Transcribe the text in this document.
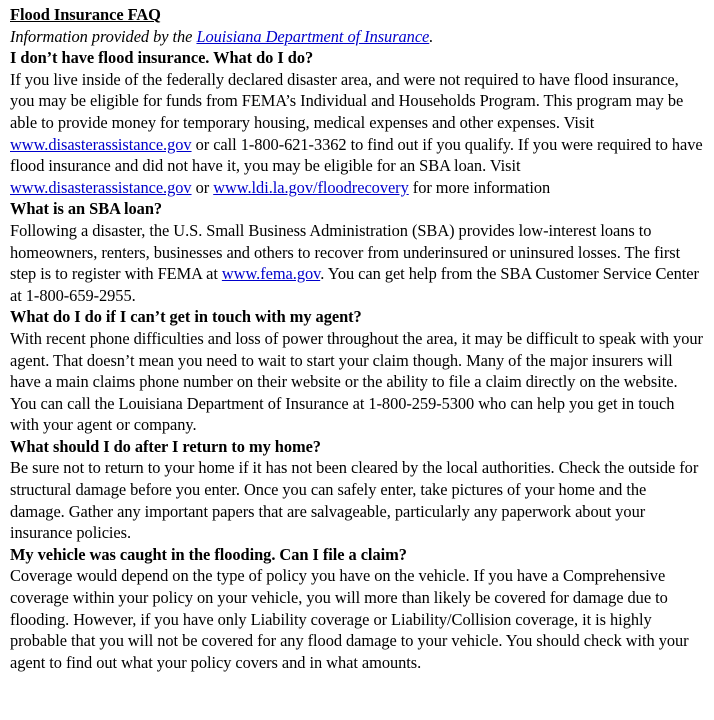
Flood Insurance FAQ
Information provided by the Louisiana Department of Insurance.
I don’t have flood insurance. What do I do?
If you live inside of the federally declared disaster area, and were not required to have flood insurance, you may be eligible for funds from FEMA’s Individual and Households Program. This program may be able to provide money for temporary housing, medical expenses and other expenses. Visit www.disasterassistance.gov or call 1-800-621-3362 to find out if you qualify. If you were required to have flood insurance and did not have it, you may be eligible for an SBA loan. Visit www.disasterassistance.gov or www.ldi.la.gov/floodrecovery for more information
What is an SBA loan?
Following a disaster, the U.S. Small Business Administration (SBA) provides low-interest loans to homeowners, renters, businesses and others to recover from underinsured or uninsured losses. The first step is to register with FEMA at www.fema.gov. You can get help from the SBA Customer Service Center at 1-800-659-2955.
What do I do if I can’t get in touch with my agent?
With recent phone difficulties and loss of power throughout the area, it may be difficult to speak with your agent. That doesn’t mean you need to wait to start your claim though. Many of the major insurers will have a main claims phone number on their website or the ability to file a claim directly on the website. You can call the Louisiana Department of Insurance at 1-800-259-5300 who can help you get in touch with your agent or company.
What should I do after I return to my home?
Be sure not to return to your home if it has not been cleared by the local authorities. Check the outside for structural damage before you enter. Once you can safely enter, take pictures of your home and the damage. Gather any important papers that are salvageable, particularly any paperwork about your insurance policies.
My vehicle was caught in the flooding. Can I file a claim?
Coverage would depend on the type of policy you have on the vehicle. If you have a Comprehensive coverage within your policy on your vehicle, you will more than likely be covered for damage due to flooding. However, if you have only Liability coverage or Liability/Collision coverage, it is highly probable that you will not be covered for any flood damage to your vehicle. You should check with your agent to find out what your policy covers and in what amounts.
